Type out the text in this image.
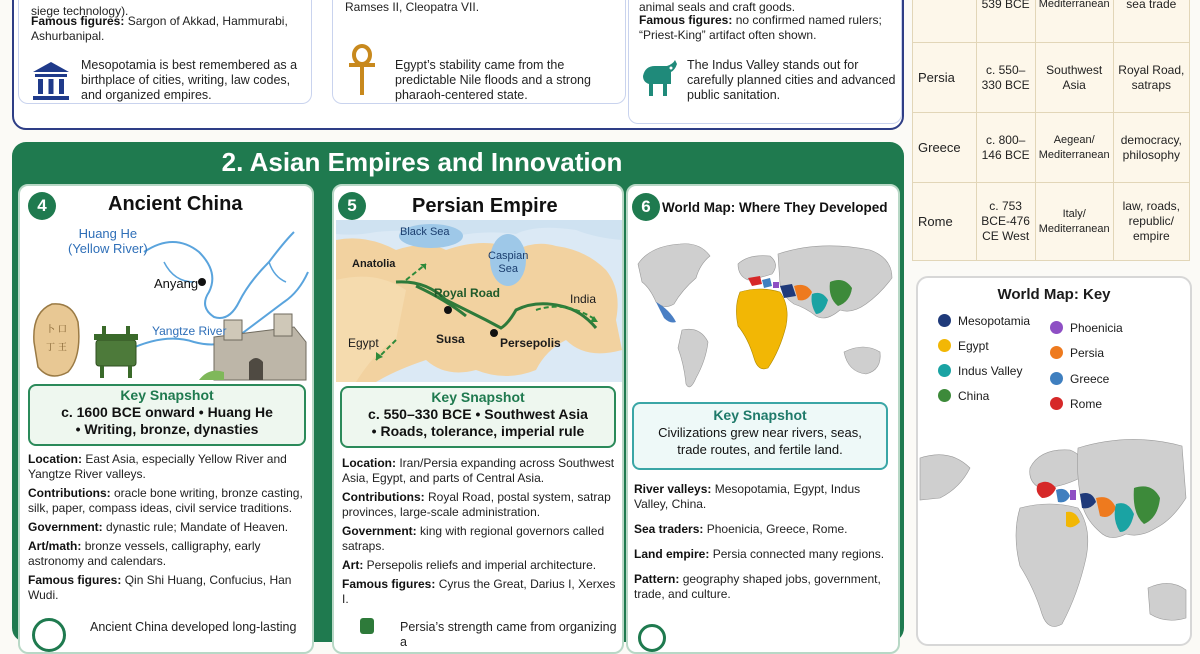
siege technology).
Famous figures: Sargon of Akkad, Hammurabi, Ashurbanipal.
Mesopotamia is best remembered as a birthplace of cities, writing, law codes, and organized empires.
Ramses II, Cleopatra VII.
Egypt’s stability came from the predictable Nile floods and a strong pharaoh-centered state.
animal seals and craft goods.
Famous figures: no confirmed named rulers; “Priest-King” artifact often shown.
The Indus Valley stands out for carefully planned cities and advanced public sanitation.
	539 BCE	Mediterranean	sea trade
Persia	c. 550–330 BCE	Southwest Asia	Royal Road, satraps
Greece	c. 800–146 BCE	Aegean/ Mediterranean	democracy, philosophy
Rome	c. 753 BCE-476 CE West	Italy/ Mediterranean	law, roads, republic/ empire
2. Asian Empires and Innovation
4	Ancient China
卜 口
丁 王
Huang He
(Yellow River)
Anyang
Yangtze River
Key Snapshot
c. 1600 BCE onward • Huang He
• Writing, bronze, dynasties
Location: East Asia, especially Yellow River and Yangtze River valleys.
Contributions: oracle bone writing, bronze casting, silk, paper, compass ideas, civil service traditions.
Government: dynastic rule; Mandate of Heaven.
Art/math: bronze vessels, calligraphy, early astronomy and calendars.
Famous figures: Qin Shi Huang, Confucius, Han Wudi.
Ancient China developed long-lasting
5	Persian Empire
Black Sea
Caspian
Sea
Anatolia
Royal Road	India
Egypt	Susa	Persepolis
Key Snapshot
c. 550–330 BCE • Southwest Asia
• Roads, tolerance, imperial rule
Location: Iran/Persia expanding across Southwest Asia, Egypt, and parts of Central Asia.
Contributions: Royal Road, postal system, satrap provinces, large-scale administration.
Government: king with regional governors called satraps.
Art: Persepolis reliefs and imperial architecture.
Famous figures: Cyrus the Great, Darius I, Xerxes I.
Persia’s strength came from organizing a
6 World Map: Where They Developed
Key Snapshot
Civilizations grew near rivers, seas,
trade routes, and fertile land.
River valleys: Mesopotamia, Egypt, Indus Valley, China.
Sea traders: Phoenicia, Greece, Rome.
Land empire: Persia connected many regions.
Pattern: geography shaped jobs, government, trade, and culture.
World Map: Key
Mesopotamia
Egypt
Indus Valley
China
Phoenicia
Persia
Greece
Rome
